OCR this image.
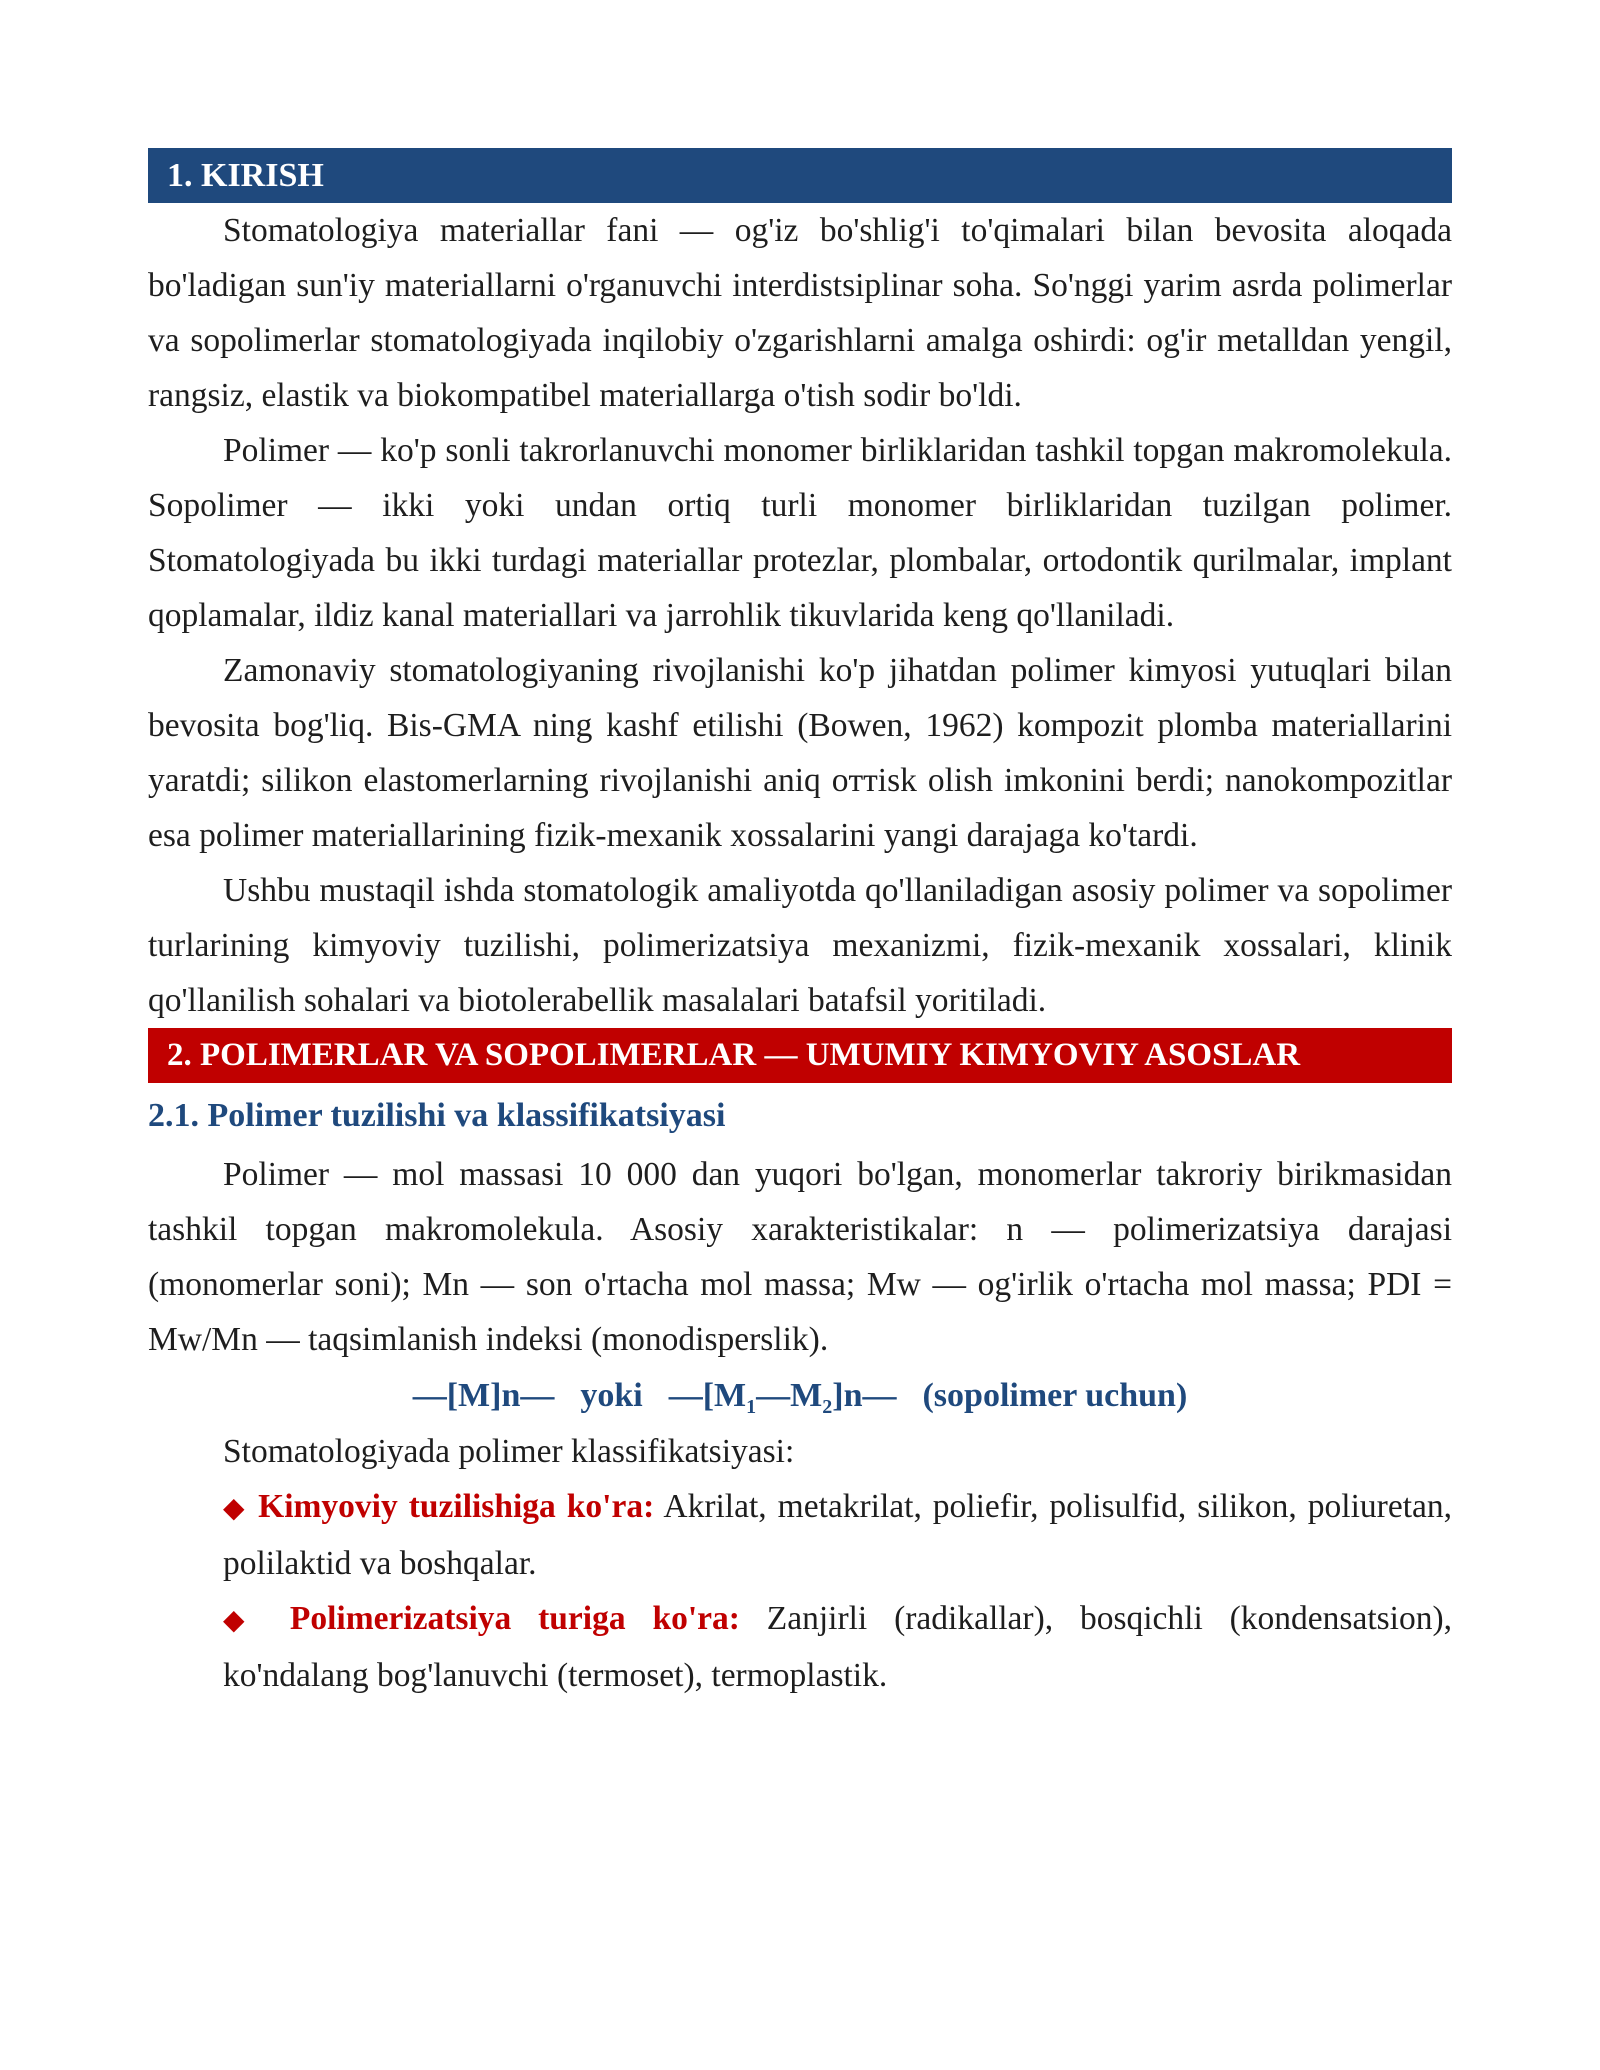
1. KIRISH

Stomatologiya materiallar fani — og'iz bo'shlig'i to'qimalari bilan bevosita aloqada bo'ladigan sun'iy materiallarni o'rganuvchi interdistsiplinar soha. So'nggi yarim asrda polimerlar va sopolimerlar stomatologiyada inqilobiy o'zgarishlarni amalga oshirdi: og'ir metalldan yengil, rangsiz, elastik va biokompatibel materiallarga o'tish sodir bo'ldi.

Polimer — ko'p sonli takrorlanuvchi monomer birliklaridan tashkil topgan makromolekula. Sopolimer — ikki yoki undan ortiq turli monomer birliklaridan tuzilgan polimer. Stomatologiyada bu ikki turdagi materiallar protezlar, plombalar, ortodontik qurilmalar, implant qoplamalar, ildiz kanal materiallari va jarrohlik tikuvlarida keng qo'llaniladi.

Zamonaviy stomatologiyaning rivojlanishi ko'p jihatdan polimer kimyosi yutuqlari bilan bevosita bog'liq. Bis-GMA ning kashf etilishi (Bowen, 1962) kompozit plomba materiallarini yaratdi; silikon elastomerlarning rivojlanishi aniq oттisk olish imkonini berdi; nanokompozitlar esa polimer materiallarining fizik-mexanik xossalarini yangi darajaga ko'tardi.

Ushbu mustaqil ishda stomatologik amaliyotda qo'llaniladigan asosiy polimer va sopolimer turlarining kimyoviy tuzilishi, polimerizatsiya mexanizmi, fizik-mexanik xossalari, klinik qo'llanilish sohalari va biotolerabellik masalalari batafsil yoritiladi.

2. POLIMERLAR VA SOPOLIMERLAR — UMUMIY KIMYOVIY ASOSLAR
2.1. Polimer tuzilishi va klassifikatsiyasi

Polimer — mol massasi 10 000 dan yuqori bo'lgan, monomerlar takroriy birikmasidan tashkil topgan makromolekula. Asosiy xarakteristikalar: n — polimerizatsiya darajasi (monomerlar soni); Mn — son o'rtacha mol massa; Mw — og'irlik o'rtacha mol massa; PDI = Mw/Mn — taqsimlanish indeksi (monodisperslik).

—[M]n— yoki $—[M_1—M_2]n—$ (sopolimer uchun)

Stomatologiyada polimer klassifikatsiyasi:

◆ Kimyoviy tuzilishiga ko'ra: Akrilat, metakrilat, poliefir, polisulfid, silikon, poliuretan, polilaktid va boshqalar.

◆ Polimerizatsiya turiga ko'ra: Zanjirli (radikallar), bosqichli (kondensatsion), ko'ndalang bog'lanuvchi (termoset), termoplastik.
